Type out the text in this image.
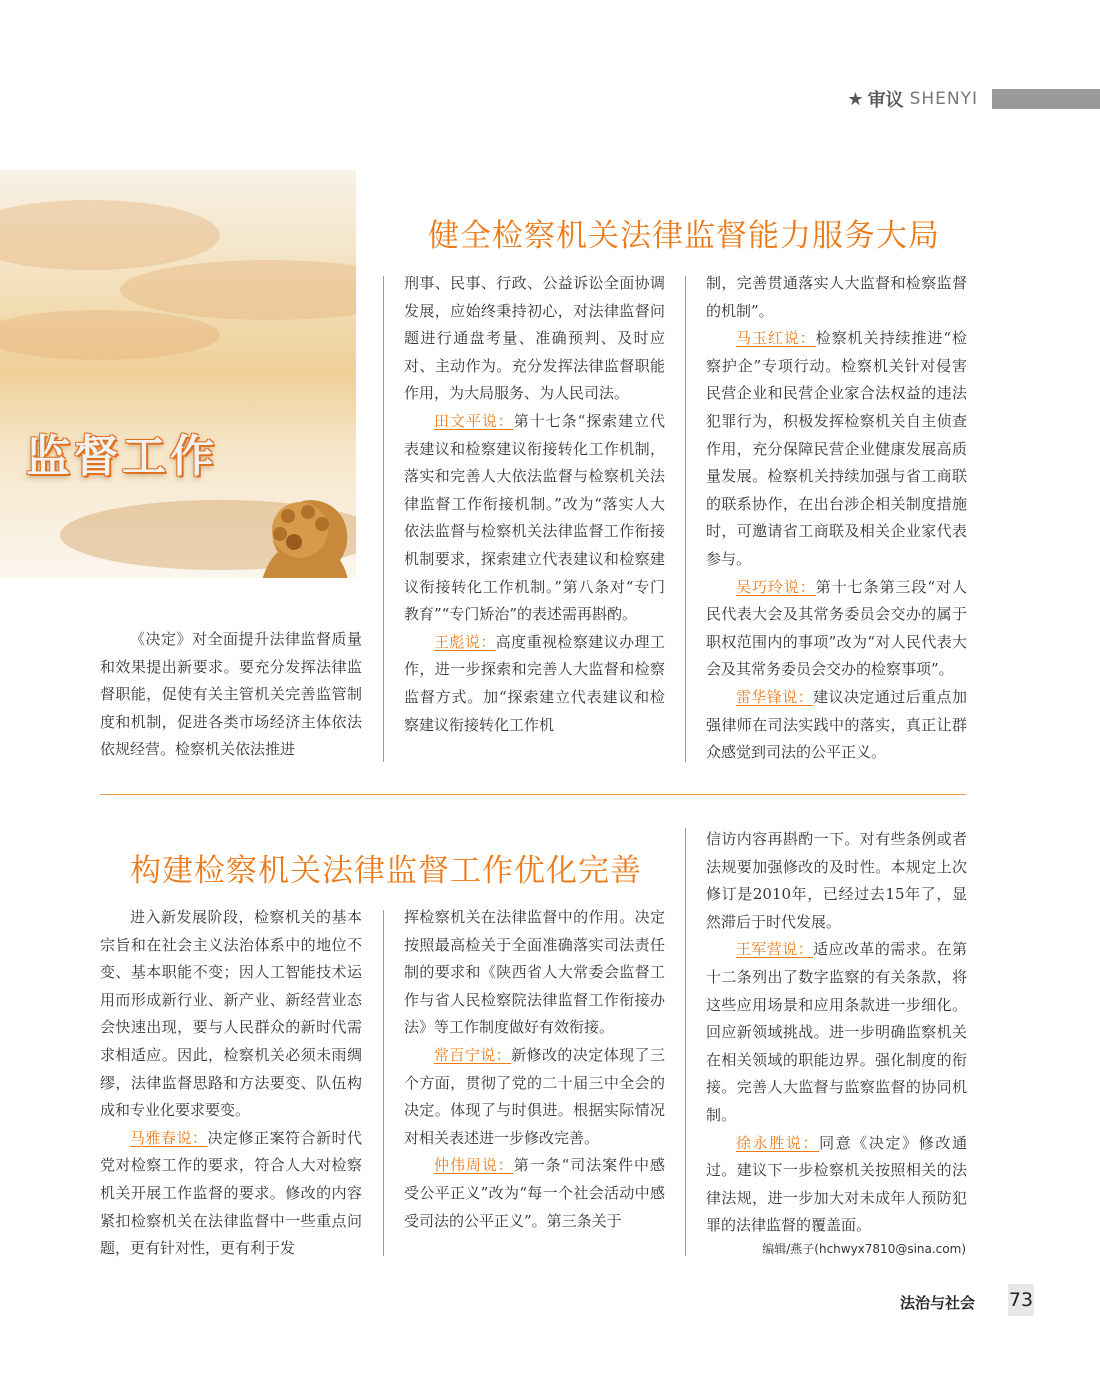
★ 审议 SHENYI
监督工作
健全检察机关法律监督能力服务大局

《决定》对全面提升法律监督质量和效果提出新要求。要充分发挥法律监督职能，促使有关主管机关完善监管制度和机制，促进各类市场经济主体依法依规经营。检察机关依法推进

刑事、民事、行政、公益诉讼全面协调发展，应始终秉持初心，对法律监督问题进行通盘考量、准确预判、及时应对、主动作为。充分发挥法律监督职能作用，为大局服务、为人民司法。

田文平说：第十七条“探索建立代表建议和检察建议衔接转化工作机制，落实和完善人大依法监督与检察机关法律监督工作衔接机制。”改为“落实人大依法监督与检察机关法律监督工作衔接机制要求，探索建立代表建议和检察建议衔接转化工作机制。”第八条对“专门教育”“专门矫治”的表述需再斟酌。

王彪说：高度重视检察建议办理工作，进一步探索和完善人大监督和检察监督方式。加“探索建立代表建议和检察建议衔接转化工作机

制，完善贯通落实人大监督和检察监督的机制”。

马玉红说：检察机关持续推进“检察护企”专项行动。检察机关针对侵害民营企业和民营企业家合法权益的违法犯罪行为，积极发挥检察机关自主侦查作用，充分保障民营企业健康发展高质量发展。检察机关持续加强与省工商联的联系协作，在出台涉企相关制度措施时，可邀请省工商联及相关企业家代表参与。

吴巧玲说：第十七条第三段“对人民代表大会及其常务委员会交办的属于职权范围内的事项”改为“对人民代表大会及其常务委员会交办的检察事项”。

雷华锋说：建议决定通过后重点加强律师在司法实践中的落实，真正让群众感觉到司法的公平正义。

构建检察机关法律监督工作优化完善

进入新发展阶段，检察机关的基本宗旨和在社会主义法治体系中的地位不变、基本职能不变；因人工智能技术运用而形成新行业、新产业、新经营业态会快速出现，要与人民群众的新时代需求相适应。因此，检察机关必须未雨绸缪，法律监督思路和方法要变、队伍构成和专业化要求要变。

马雅春说：决定修正案符合新时代党对检察工作的要求，符合人大对检察机关开展工作监督的要求。修改的内容紧扣检察机关在法律监督中一些重点问题，更有针对性，更有利于发

挥检察机关在法律监督中的作用。决定按照最高检关于全面准确落实司法责任制的要求和《陕西省人大常委会监督工作与省人民检察院法律监督工作衔接办法》等工作制度做好有效衔接。

常百宁说：新修改的决定体现了三个方面，贯彻了党的二十届三中全会的决定。体现了与时俱进。根据实际情况对相关表述进一步修改完善。

仲伟周说：第一条“司法案件中感受公平正义”改为“每一个社会活动中感受司法的公平正义”。第三条关于

信访内容再斟酌一下。对有些条例或者法规要加强修改的及时性。本规定上次修订是2010年，已经过去15年了，显然滞后于时代发展。

王军营说：适应改革的需求。在第十二条列出了数字监察的有关条款，将这些应用场景和应用条款进一步细化。回应新领域挑战。进一步明确监察机关在相关领域的职能边界。强化制度的衔接。完善人大监督与监察监督的协同机制。

徐永胜说：同意《决定》修改通过。建议下一步检察机关按照相关的法律法规，进一步加大对未成年人预防犯罪的法律监督的覆盖面。

编辑/燕子(hchwyx7810@sina.com)
法治与社会 73
